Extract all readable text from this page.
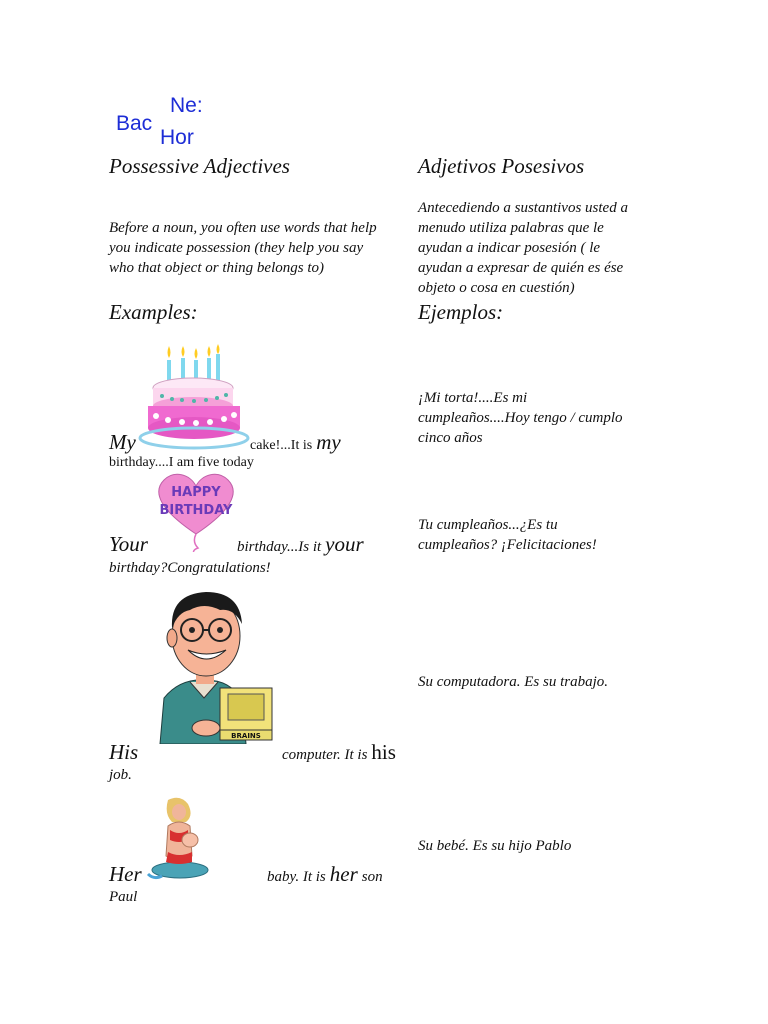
Ne:
Bac
Hor
Possessive Adjectives	Adjetivos Posesivos
Before a noun, you often use words that help
you indicate possession (they help you say
who that object or thing belongs to)
Antecediendo a sustantivos usted a
menudo utiliza palabras que le
ayudan a indicar posesión ( le
ayudan a expresar de quién es ése
objeto o cosa en cuestión)
Examples:	Ejemplos:
My	cake!...It is my
birthday....I am five today
¡Mi torta!....Es mi
cumpleaños....Hoy tengo / cumplo
cinco años
HAPPY
BIRTHDAY
Your	birthday...Is it your
birthday?Congratulations!
Tu cumpleaños...¿Es tu
cumpleaños? ¡Felicitaciones!
BRAINS
His	computer. It is his
job.
Su computadora. Es su trabajo.
Her	baby. It is her son
Paul
Su bebé. Es su hijo Pablo
